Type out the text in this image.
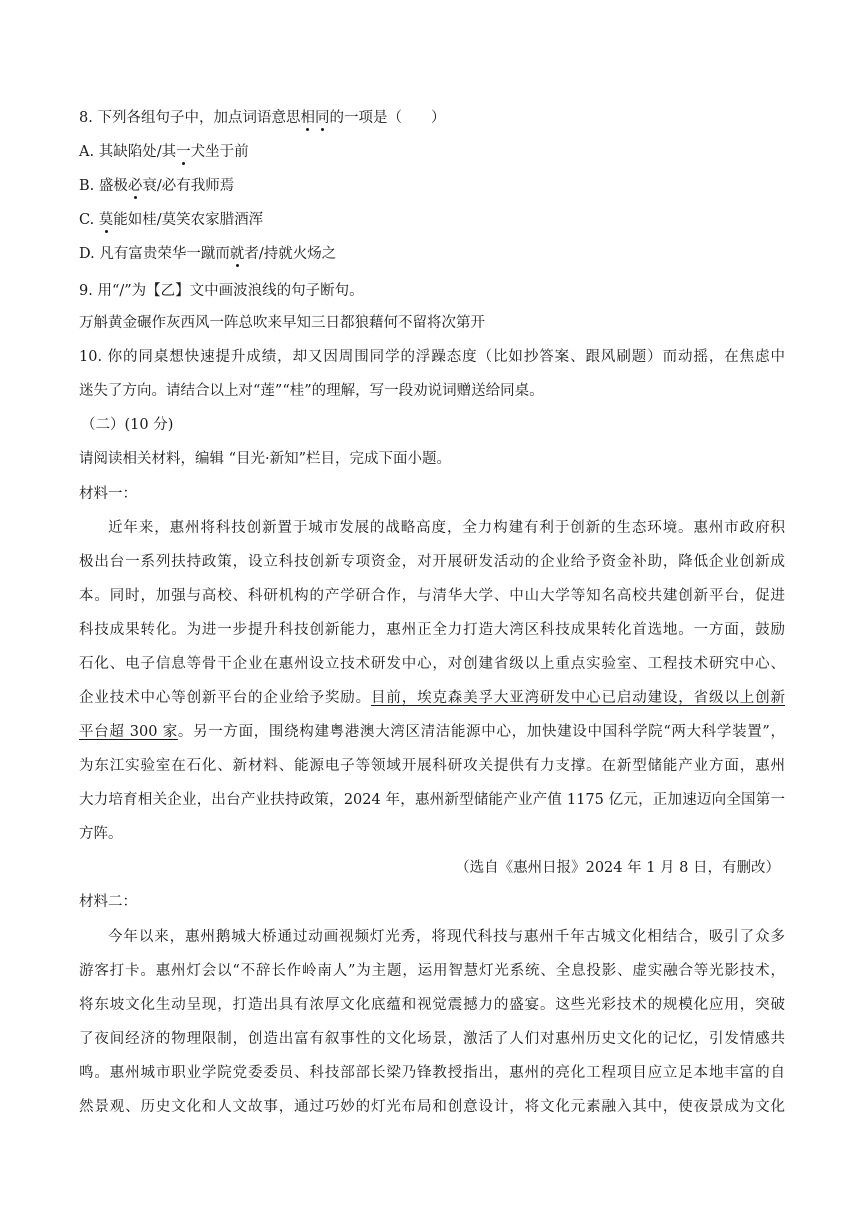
8. 下列各组句子中，加点词语意思相同的一项是（　　）
A. 其缺陷处/其一犬坐于前
B. 盛极必衰/必有我师焉
C. 莫能如桂/莫笑农家腊酒浑
D. 凡有富贵荣华一蹴而就者/持就火炀之
9. 用“/”为【乙】文中画波浪线的句子断句。
万斛黄金碾作灰西风一阵总吹来早知三日都狼藉何不留将次第开
10. 你的同桌想快速提升成绩，却又因周围同学的浮躁态度（比如抄答案、跟风刷题）而动摇，在焦虑中
迷失了方向。请结合以上对“莲”“桂”的理解，写一段劝说词赠送给同桌。
（二）(10 分)
请阅读相关材料，编辑 “目光·新知”栏目，完成下面小题。
材料一：
近年来，惠州将科技创新置于城市发展的战略高度，全力构建有利于创新的生态环境。惠州市政府积
极出台一系列扶持政策，设立科技创新专项资金，对开展研发活动的企业给予资金补助，降低企业创新成
本。同时，加强与高校、科研机构的产学研合作，与清华大学、中山大学等知名高校共建创新平台，促进
科技成果转化。为进一步提升科技创新能力，惠州正全力打造大湾区科技成果转化首选地。一方面，鼓励
石化、电子信息等骨干企业在惠州设立技术研发中心，对创建省级以上重点实验室、工程技术研究中心、
企业技术中心等创新平台的企业给予奖励。目前，埃克森美孚大亚湾研发中心已启动建设，省级以上创新
平台超 300 家。另一方面，围绕构建粤港澳大湾区清洁能源中心，加快建设中国科学院“两大科学装置”，
为东江实验室在石化、新材料、能源电子等领域开展科研攻关提供有力支撑。在新型储能产业方面，惠州
大力培育相关企业，出台产业扶持政策，2024 年，惠州新型储能产业产值 1175 亿元，正加速迈向全国第一
方阵。
（选自《惠州日报》2024 年 1 月 8 日，有删改）
材料二：
今年以来，惠州鹅城大桥通过动画视频灯光秀，将现代科技与惠州千年古城文化相结合，吸引了众多
游客打卡。惠州灯会以“不辞长作岭南人”为主题，运用智慧灯光系统、全息投影、虚实融合等光影技术，
将东坡文化生动呈现，打造出具有浓厚文化底蕴和视觉震撼力的盛宴。这些光彩技术的规模化应用，突破
了夜间经济的物理限制，创造出富有叙事性的文化场景，激活了人们对惠州历史文化的记忆，引发情感共
鸣。惠州城市职业学院党委委员、科技部部长梁乃锋教授指出，惠州的亮化工程项目应立足本地丰富的自
然景观、历史文化和人文故事，通过巧妙的灯光布局和创意设计，将文化元素融入其中，使夜景成为文化
